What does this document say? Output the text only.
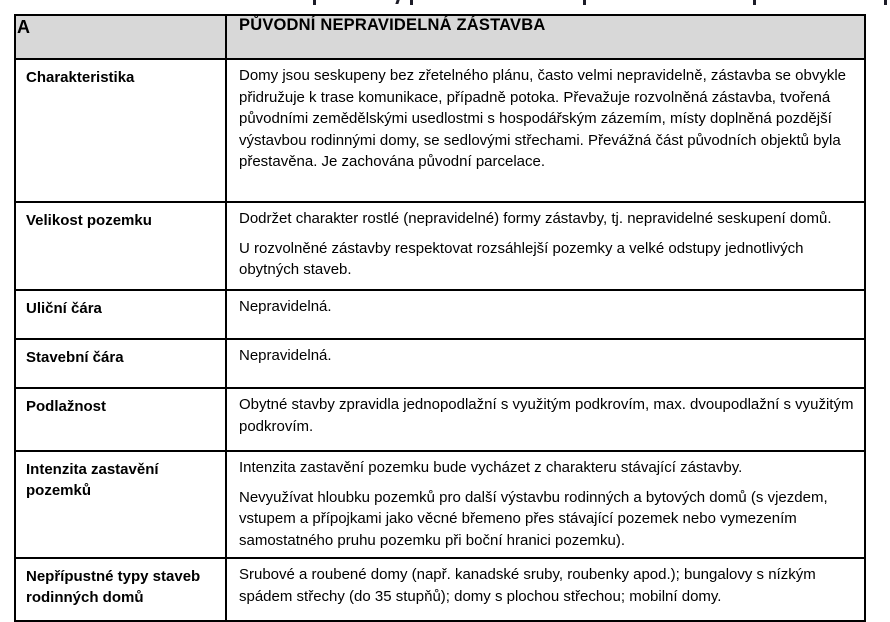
A	PŮVODNÍ NEPRAVIDELNÁ ZÁSTAVBA
Charakteristika	Domy jsou seskupeny bez zřetelného plánu, často velmi nepravidelně, zástavba se obvykle přidružuje k trase komunikace, případně potoka. Převažuje rozvolněná zástavba, tvořená původními zemědělskými usedlostmi s hospodářským zázemím, místy doplněná pozdější výstavbou rodinnými domy, se sedlovými střechami. Převážná část původních objektů byla přestavěna. Je zachována původní parcelace.

Velikost pozemku	Dodržet charakter rostlé (nepravidelné) formy zástavby, tj. nepravidelné seskupení domů.

U rozvolněné zástavby respektovat rozsáhlejší pozemky a velké odstupy jednotlivých obytných staveb.

Uliční čára	Nepravidelná.

Stavební čára	Nepravidelná.

Podlažnost	Obytné stavby zpravidla jednopodlažní s využitým podkrovím, max. dvoupodlažní s využitým podkrovím.

Intenzita zastavění pozemků	Intenzita zastavění pozemku bude vycházet z charakteru stávající zástavby.

Nevyužívat hloubku pozemků pro další výstavbu rodinných a bytových domů (s vjezdem, vstupem a přípojkami jako věcné břemeno přes stávající pozemek nebo vymezením samostatného pruhu pozemku při boční hranici pozemku).

Nepřípustné typy staveb rodinných domů	Srubové a roubené domy (např. kanadské sruby, roubenky apod.); bungalovy s nízkým spádem střechy (do 35 stupňů); domy s plochou střechou; mobilní domy.
